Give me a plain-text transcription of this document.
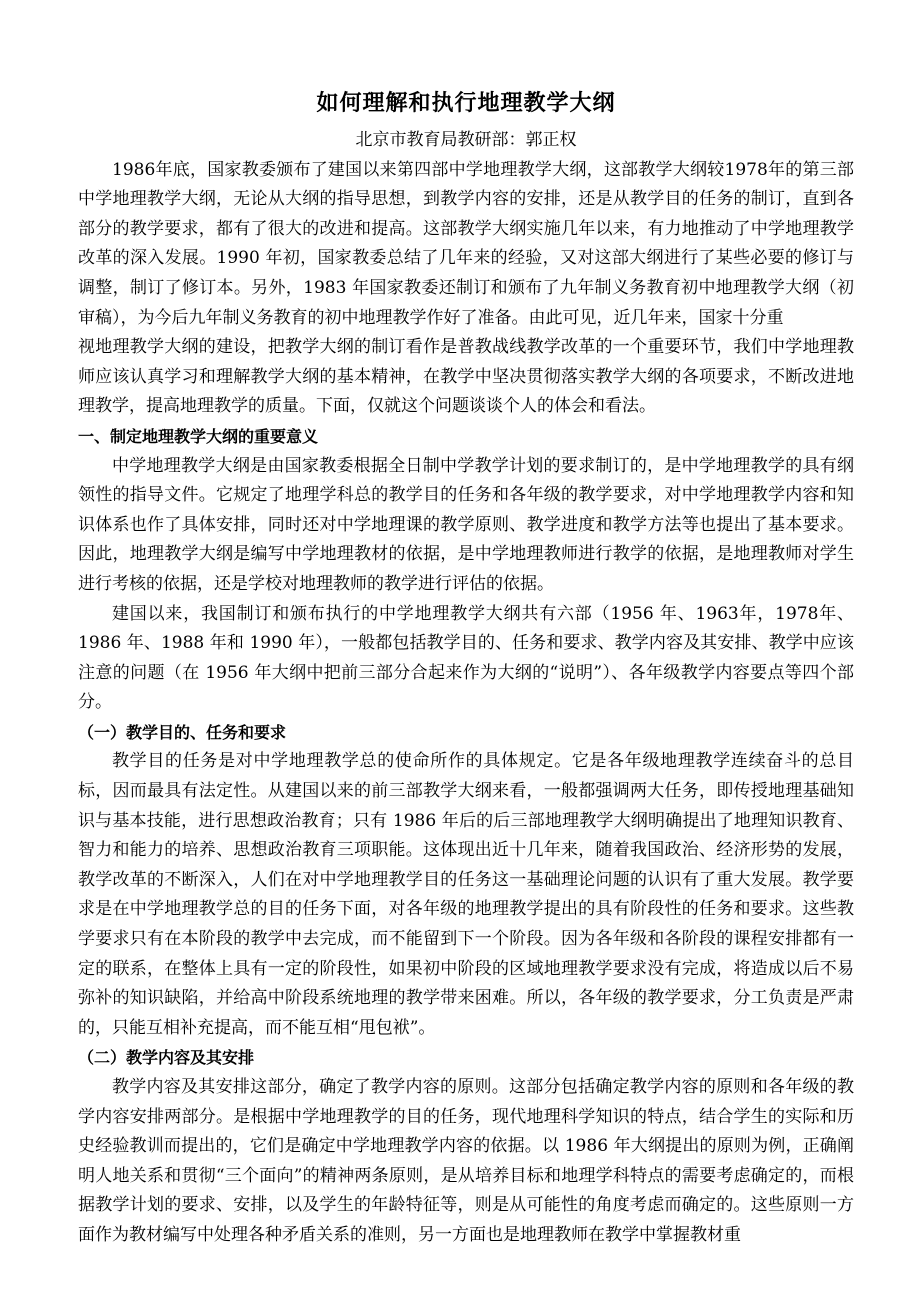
如何理解和执行地理教学大纲

北京市教育局教研部：郭正权

1986年底，国家教委颁布了建国以来第四部中学地理教学大纲，这部教学大纲较1978年的第三部中学地理教学大纲，无论从大纲的指导思想，到教学内容的安排，还是从教学目的任务的制订，直到各部分的教学要求，都有了很大的改进和提高。这部教学大纲实施几年以来，有力地推动了中学地理教学改革的深入发展。1990 年初，国家教委总结了几年来的经验，又对这部大纲进行了某些必要的修订与调整，制订了修订本。另外，1983 年国家教委还制订和颁布了九年制义务教育初中地理教学大纲（初审稿），为今后九年制义务教育的初中地理教学作好了准备。由此可见，近几年来，国家十分重

视地理教学大纲的建设，把教学大纲的制订看作是普教战线教学改革的一个重要环节，我们中学地理教师应该认真学习和理解教学大纲的基本精神，在教学中坚决贯彻落实教学大纲的各项要求，不断改进地理教学，提高地理教学的质量。下面，仅就这个问题谈谈个人的体会和看法。

一、制定地理教学大纲的重要意义

中学地理教学大纲是由国家教委根据全日制中学教学计划的要求制订的，是中学地理教学的具有纲领性的指导文件。它规定了地理学科总的教学目的任务和各年级的教学要求，对中学地理教学内容和知识体系也作了具体安排，同时还对中学地理课的教学原则、教学进度和教学方法等也提出了基本要求。因此，地理教学大纲是编写中学地理教材的依据，是中学地理教师进行教学的依据，是地理教师对学生进行考核的依据，还是学校对地理教师的教学进行评估的依据。

建国以来，我国制订和颁布执行的中学地理教学大纲共有六部（1956 年、1963年，1978年、1986 年、1988 年和 1990 年），一般都包括教学目的、任务和要求、教学内容及其安排、教学中应该注意的问题（在 1956 年大纲中把前三部分合起来作为大纲的“说明”）、各年级教学内容要点等四个部分。

（一）教学目的、任务和要求

教学目的任务是对中学地理教学总的使命所作的具体规定。它是各年级地理教学连续奋斗的总目标，因而最具有法定性。从建国以来的前三部教学大纲来看，一般都强调两大任务，即传授地理基础知识与基本技能，进行思想政治教育；只有 1986 年后的后三部地理教学大纲明确提出了地理知识教育、智力和能力的培养、思想政治教育三项职能。这体现出近十几年来，随着我国政治、经济形势的发展，教学改革的不断深入，人们在对中学地理教学目的任务这一基础理论问题的认识有了重大发展。教学要求是在中学地理教学总的目的任务下面，对各年级的地理教学提出的具有阶段性的任务和要求。这些教学要求只有在本阶段的教学中去完成，而不能留到下一个阶段。因为各年级和各阶段的课程安排都有一定的联系，在整体上具有一定的阶段性，如果初中阶段的区域地理教学要求没有完成，将造成以后不易弥补的知识缺陷，并给高中阶段系统地理的教学带来困难。所以，各年级的教学要求，分工负责是严肃的，只能互相补充提高，而不能互相“甩包袱”。

（二）教学内容及其安排

教学内容及其安排这部分，确定了教学内容的原则。这部分包括确定教学内容的原则和各年级的教学内容安排两部分。是根据中学地理教学的目的任务，现代地理科学知识的特点，结合学生的实际和历史经验教训而提出的，它们是确定中学地理教学内容的依据。以 1986 年大纲提出的原则为例，正确阐明人地关系和贯彻“三个面向”的精神两条原则，是从培养目标和地理学科特点的需要考虑确定的，而根据教学计划的要求、安排，以及学生的年龄特征等，则是从可能性的角度考虑而确定的。这些原则一方面作为教材编写中处理各种矛盾关系的准则，另一方面也是地理教师在教学中掌握教材重
